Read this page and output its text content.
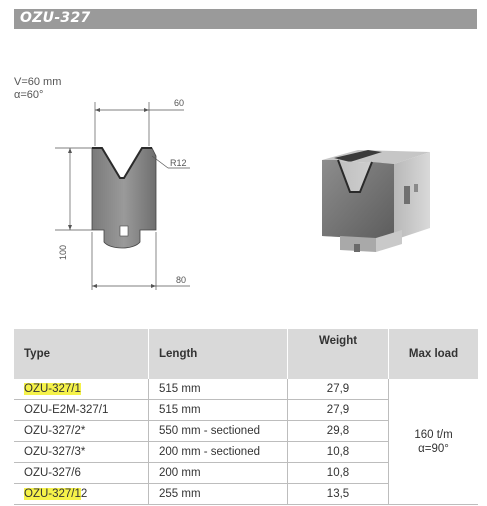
OZU-327
V=60 mm
α=60°
60
100
R12
80
Type	Length	Weight	Max load
OZU-327/1	515 mm	27,9	160 t/m
α=90°

OZU-E2M-327/1	515 mm	27,9	
OZU-327/2*	550 mm - sectioned	29,8	
OZU-327/3*	200 mm - sectioned	10,8	
OZU-327/6	200 mm	10,8	
OZU-327/12	255 mm	13,5	
